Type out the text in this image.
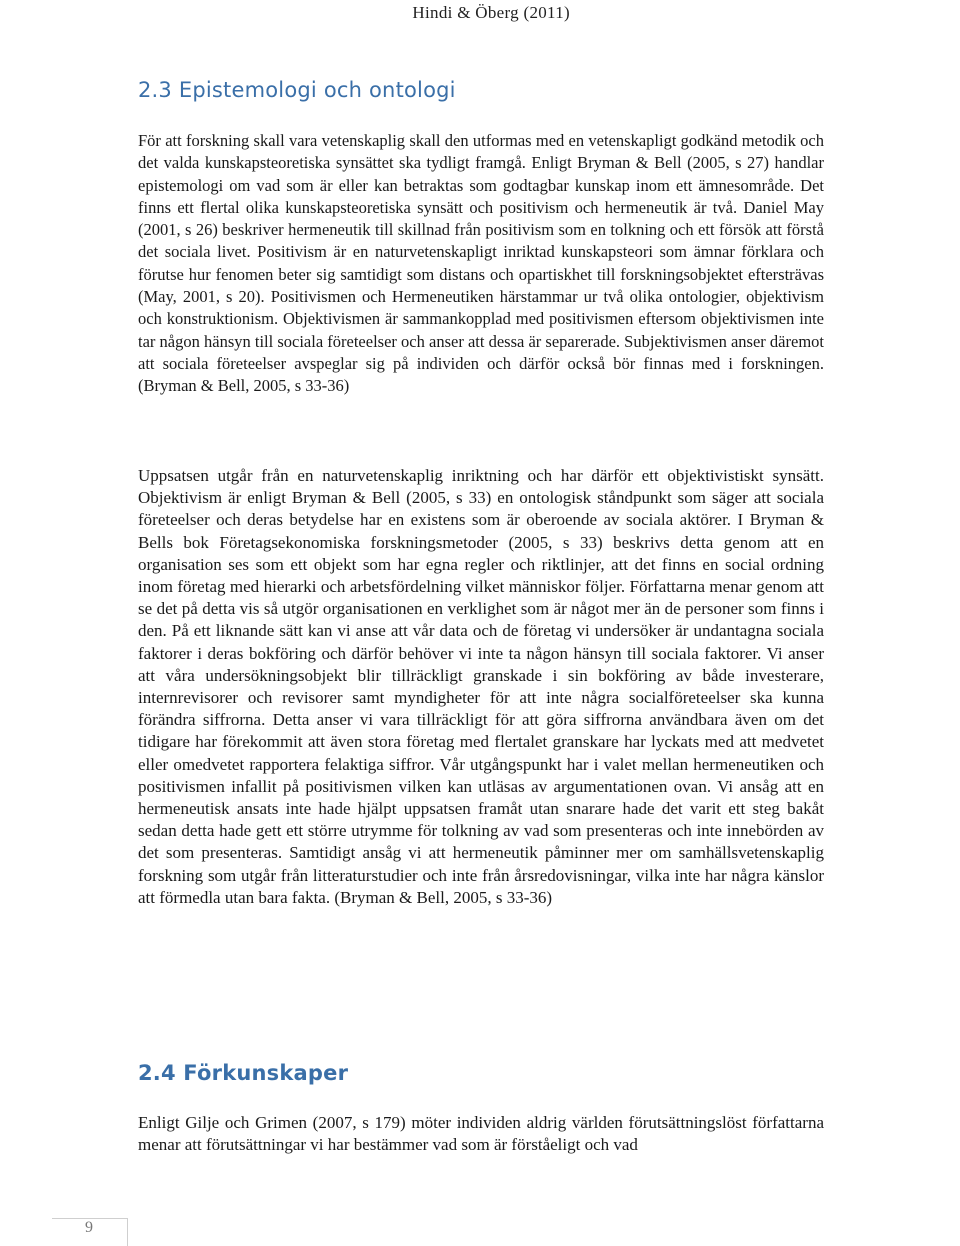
Hindi & Öberg (2011)
2.3 Epistemologi och ontologi

För att forskning skall vara vetenskaplig skall den utformas med en vetenskapligt godkänd metodik och det valda kunskapsteoretiska synsättet ska tydligt framgå. Enligt Bryman & Bell (2005, s 27) handlar epistemologi om vad som är eller kan betraktas som godtagbar kunskap inom ett ämnesområde. Det finns ett flertal olika kunskapsteoretiska synsätt och positivism och hermeneutik är två. Daniel May (2001, s 26) beskriver hermeneutik till skillnad från positivism som en tolkning och ett försök att förstå det sociala livet. Positivism är en naturvetenskapligt inriktad kunskapsteori som ämnar förklara och förutse hur fenomen beter sig samtidigt som distans och opartiskhet till forskningsobjektet eftersträvas (May, 2001, s 20). Positivismen och Hermeneutiken härstammar ur två olika ontologier, objektivism och konstruktionism. Objektivismen är sammankopplad med positivismen eftersom objektivismen inte tar någon hänsyn till sociala företeelser och anser att dessa är separerade. Subjektivismen anser däremot att sociala företeelser avspeglar sig på individen och därför också bör finnas med i forskningen. (Bryman & Bell, 2005, s 33-36)

Uppsatsen utgår från en naturvetenskaplig inriktning och har därför ett objektivistiskt synsätt. Objektivism är enligt Bryman & Bell (2005, s 33) en ontologisk ståndpunkt som säger att sociala företeelser och deras betydelse har en existens som är oberoende av sociala aktörer. I Bryman & Bells bok Företagsekonomiska forskningsmetoder (2005, s 33) beskrivs detta genom att en organisation ses som ett objekt som har egna regler och riktlinjer, att det finns en social ordning inom företag med hierarki och arbetsfördelning vilket människor följer. Författarna menar genom att se det på detta vis så utgör organisationen en verklighet som är något mer än de personer som finns i den. På ett liknande sätt kan vi anse att vår data och de företag vi undersöker är undantagna sociala faktorer i deras bokföring och därför behöver vi inte ta någon hänsyn till sociala faktorer. Vi anser att våra undersökningsobjekt blir tillräckligt granskade i sin bokföring av både investerare, internrevisorer och revisorer samt myndigheter för att inte några socialföreteelser ska kunna förändra siffrorna. Detta anser vi vara tillräckligt för att göra siffrorna användbara även om det tidigare har förekommit att även stora företag med flertalet granskare har lyckats med att medvetet eller omedvetet rapportera felaktiga siffror. Vår utgångspunkt har i valet mellan hermeneutiken och positivismen infallit på positivismen vilken kan utläsas av argumentationen ovan. Vi ansåg att en hermeneutisk ansats inte hade hjälpt uppsatsen framåt utan snarare hade det varit ett steg bakåt sedan detta hade gett ett större utrymme för tolkning av vad som presenteras och inte innebörden av det som presenteras. Samtidigt ansåg vi att hermeneutik påminner mer om samhällsvetenskaplig forskning som utgår från litteraturstudier och inte från årsredovisningar, vilka inte har några känslor att förmedla utan bara fakta. (Bryman & Bell, 2005, s 33-36)

2.4 Förkunskaper

Enligt Gilje och Grimen (2007, s 179) möter individen aldrig världen förutsättningslöst författarna menar att förutsättningar vi har bestämmer vad som är förståeligt och vad

9
